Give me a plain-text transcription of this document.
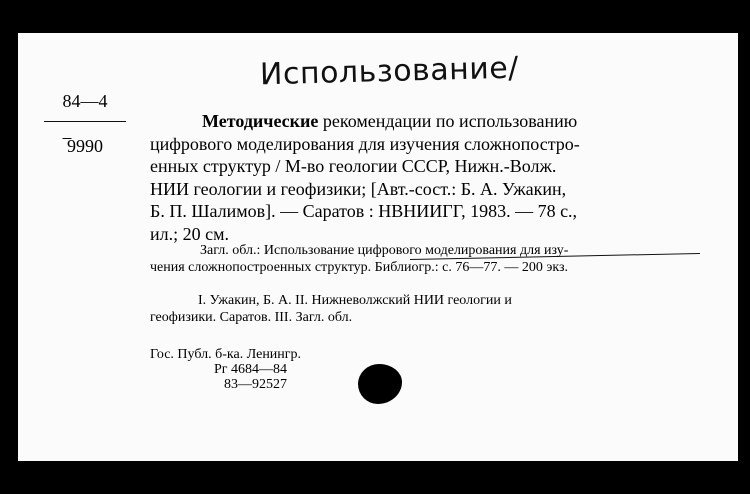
Использование/
84—4
̅9990
Методические рекомендации по использованию
цифрового моделирования для изучения сложнопостро-
енных структур / М-во геологии СССР, Нижн.-Волж.
НИИ геологии и геофизики; [Авт.-сост.: Б. А. Ужакин,
Б. П. Шалимов]. — Саратов : НВНИИГГ, 1983. — 78 с.,
ил.; 20 см.
Загл. обл.: Использование цифрового моделирования для изу-
чения сложнопостроенных структур. Библиогр.: с. 76—77. — 200 экз.
I. Ужакин, Б. А. II. Нижневолжский НИИ геологии и
геофизики. Саратов. III. Загл. обл.
Гос. Публ. б-ка. Ленингр.
Рг 4684—84
83—92527
